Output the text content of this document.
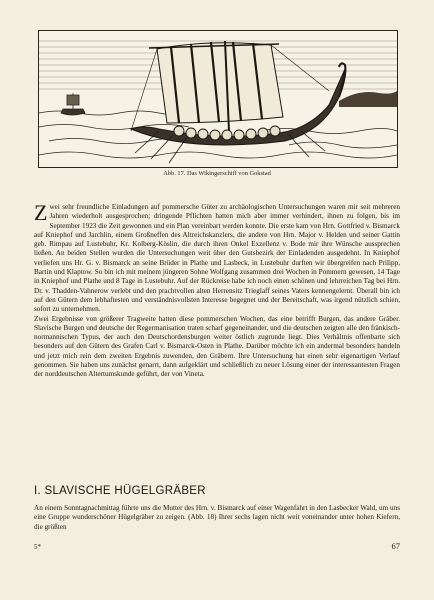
Abb. 17. Das Wikingerschiff von Gokstad

Zwei sehr freundliche Einladungen auf pommersche Güter zu archäologischen Untersuchungen waren mir seit mehreren Jahren wiederholt ausgesprochen; dringende Pflichten hatten mich aber immer verhindert, ihnen zu folgen, bis im September 1923 die Zeit gewonnen und ein Plan vereinbart werden konnte. Die erste kam von Hrn. Gottfried v. Bismarck auf Kniephof und Jarchlin, einem Großneffen des Altreichskanzlers, die andere von Hrn. Major v. Helden und seiner Gattin geb. Rimpau auf Lustebuhr, Kr. Kolberg-Köslin, die durch ihren Onkel Exzellenz v. Bode mir ihre Wünsche aussprechen ließen. An beiden Stellen wurden die Untersuchungen weit über den Gutsbezirk der Einladenden ausgedehnt. In Kniephof verliefen uns Hr. G. v. Bismarck an seine Brüder in Plathe und Lasbeck, in Lustebuhr durften wir übergreifen nach Prilipp, Bartin und Klaptow. So bin ich mit meinem jüngeren Sohne Wolfgang zusammen drei Wochen in Pommern gewesen, 14 Tage in Kniephof und Plathe und 8 Tage in Lustebuhr. Auf der Rückreise habe ich noch einen schönen und lehrreichen Tag bei Hrn. Dr. v. Thadden-Vahnerow verlebt und den prachtvollen alten Herrensitz Trieglaff seines Vaters kennengelernt. Überall bin ich auf den Gütern dem lebhaftesten und verständnisvollsten Interesse begegnet und der Bereitschaft, was irgend nützlich schien, sofort zu unternehmen.

Zwei Ergebnisse von größerer Tragweite hatten diese pommerschen Wochen, das eine betrifft Burgen, das andere Gräber. Slavische Burgen und deutsche der Regermanisation traten scharf gegeneinander, und die deutschen zeigten alle den fränkisch-normannischen Typus, der auch den Deutschordensburgen weiter östlich zugrunde liegt. Dies Verhältnis offenbarte sich besonders auf den Gütern des Grafen Carl v. Bismarck-Osten in Plathe. Darüber möchte ich ein andermal besonders handeln und jetzt mich rein dem zweiten Ergebnis zuwenden, den Gräbern. Ihre Untersuchung hat einen sehr eigenartigen Verlauf genommen. Sie haben uns zunächst genarrt, dann aufgeklärt und schließlich zu neuer Lösung einer der interessantesten Fragen der norddeutschen Altertumskunde geführt, der von Vineta.

I. SLAVISCHE HÜGELGRÄBER
An einem Sonntagnachmittag führte uns die Mutter des Hrn. v. Bismarck auf einer Wagenfahrt in den Lasbecker Wald, um uns eine Gruppe wunderschöner Hügelgräber zu zeigen. (Abb. 18) Ihrer sechs lagen nicht weit voneinander unter hohen Kiefern, die größten
5*	67
